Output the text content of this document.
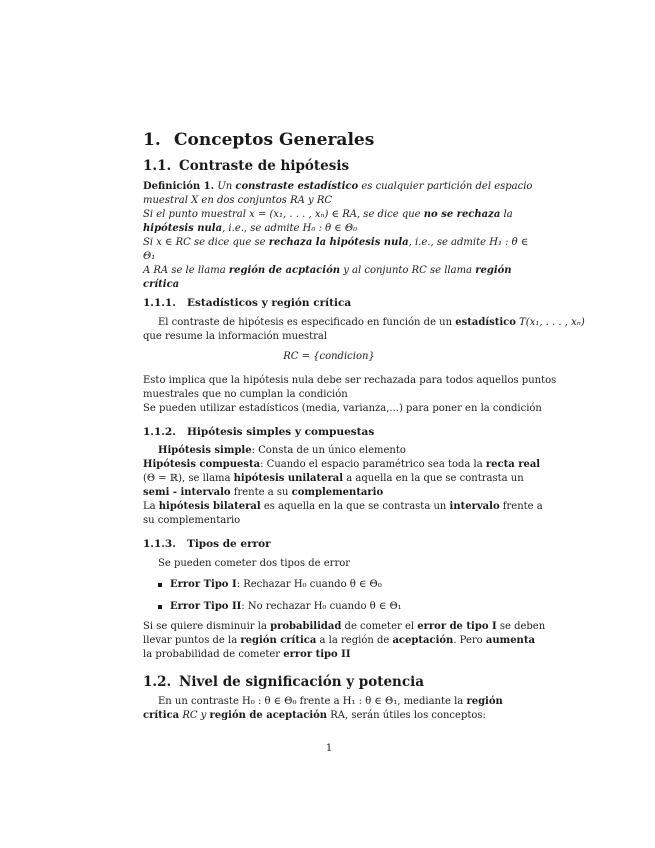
1. Conceptos Generales
1.1. Contraste de hipótesis
Definición 1. Un constraste estadístico es cualquier partición del espacio
muestral X en dos conjuntos RA y RC
Si el punto muestral x = (x₁, . . . , xₙ) ∈ RA, se dice que no se rechaza la
hipótesis nula, i.e., se admite H₀ : θ ∈ Θ₀
Si x ∈ RC se dice que se rechaza la hipótesis nula, i.e., se admite H₁ : θ ∈
Θ₁
A RA se le llama región de acptación y al conjunto RC se llama región
crítica
1.1.1. Estadísticos y región crítica
El contraste de hipótesis es especificado en función de un estadístico T(x₁, . . . , xₙ)
que resume la información muestral
RC = {condicion}
Esto implica que la hipótesis nula debe ser rechazada para todos aquellos puntos
muestrales que no cumplan la condición
Se pueden utilizar estadísticos (media, varianza,...) para poner en la condición
1.1.2. Hipótesis simples y compuestas
Hipótesis simple: Consta de un único elemento
Hipótesis compuesta: Cuando el espacio paramétrico sea toda la recta real
(Θ = ℝ), se llama hipótesis unilateral a aquella en la que se contrasta un
semi - intervalo frente a su complementario
La hipótesis bilateral es aquella en la que se contrasta un intervalo frente a
su complementario
1.1.3. Tipos de error
Se pueden cometer dos tipos de error
Error Tipo I: Rechazar H₀ cuando θ ∈ Θ₀
Error Tipo II: No rechazar H₀ cuando θ ∈ Θ₁
Si se quiere disminuir la probabilidad de cometer el error de tipo I se deben
llevar puntos de la región crítica a la región de aceptación. Pero aumenta
la probabilidad de cometer error tipo II
1.2. Nivel de significación y potencia
En un contraste H₀ : θ ∈ Θ₀ frente a H₁ : θ ∈ Θ₁, mediante la región
crítica RC y región de aceptación RA, serán útiles los conceptos:
1
